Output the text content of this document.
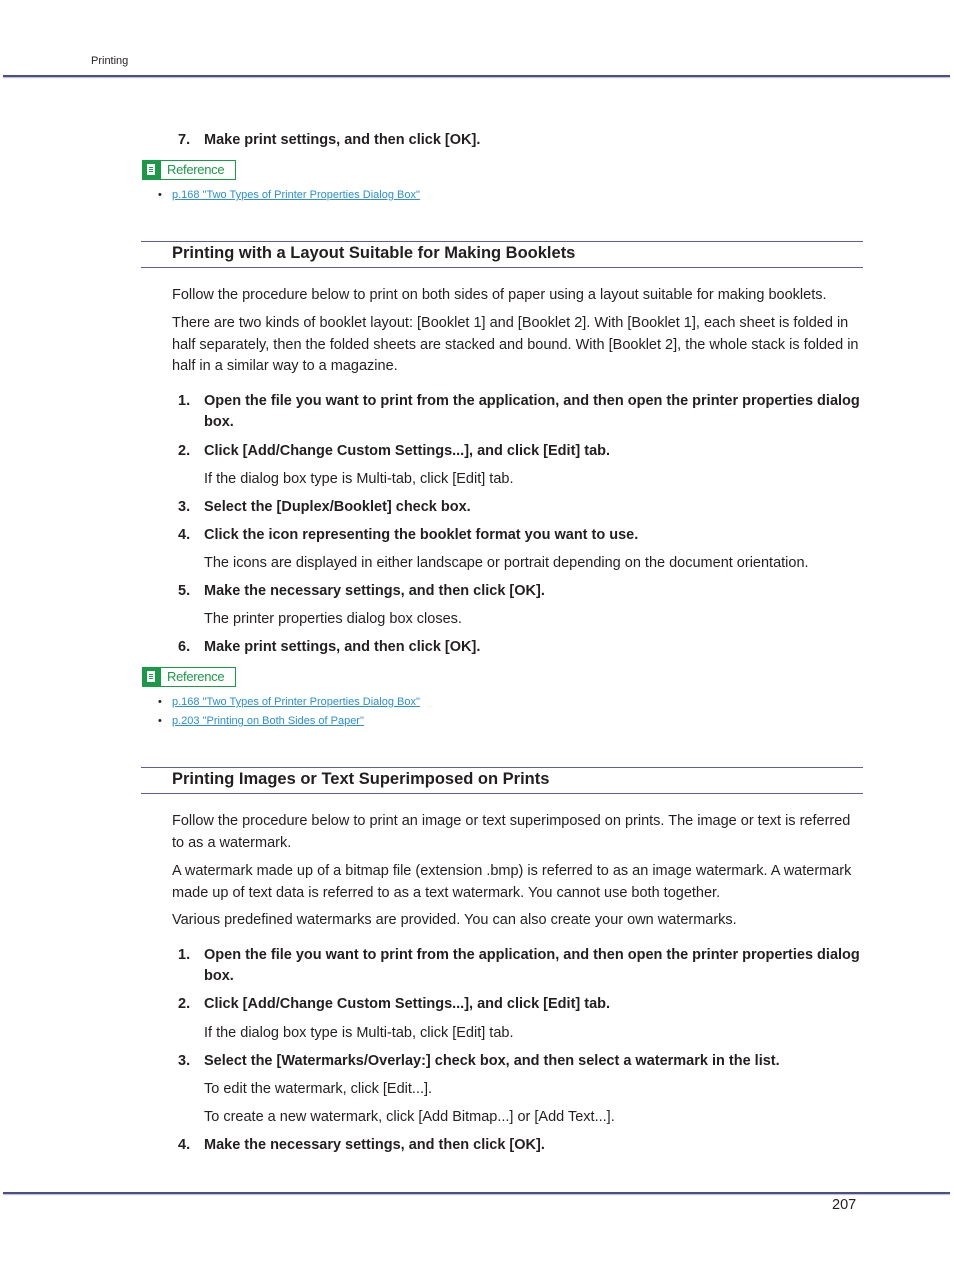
Printing
7. Make print settings, and then click [OK].
Reference
• p.168 "Two Types of Printer Properties Dialog Box"
Printing with a Layout Suitable for Making Booklets
Follow the procedure below to print on both sides of paper using a layout suitable for making booklets.
There are two kinds of booklet layout: [Booklet 1] and [Booklet 2]. With [Booklet 1], each sheet is folded in half separately, then the folded sheets are stacked and bound. With [Booklet 2], the whole stack is folded in half in a similar way to a magazine.
1. Open the file you want to print from the application, and then open the printer properties dialog box.
2. Click [Add/Change Custom Settings...], and click [Edit] tab.
If the dialog box type is Multi-tab, click [Edit] tab.
3. Select the [Duplex/Booklet] check box.
4. Click the icon representing the booklet format you want to use.
The icons are displayed in either landscape or portrait depending on the document orientation.
5. Make the necessary settings, and then click [OK].
The printer properties dialog box closes.
6. Make print settings, and then click [OK].
Reference
• p.168 "Two Types of Printer Properties Dialog Box"
• p.203 "Printing on Both Sides of Paper"
Printing Images or Text Superimposed on Prints
Follow the procedure below to print an image or text superimposed on prints. The image or text is referred to as a watermark.
A watermark made up of a bitmap file (extension .bmp) is referred to as an image watermark. A watermark made up of text data is referred to as a text watermark. You cannot use both together.
Various predefined watermarks are provided. You can also create your own watermarks.
1. Open the file you want to print from the application, and then open the printer properties dialog box.
2. Click [Add/Change Custom Settings...], and click [Edit] tab.
If the dialog box type is Multi-tab, click [Edit] tab.
3. Select the [Watermarks/Overlay:] check box, and then select a watermark in the list.
To edit the watermark, click [Edit...].
To create a new watermark, click [Add Bitmap...] or [Add Text...].
4. Make the necessary settings, and then click [OK].
207
